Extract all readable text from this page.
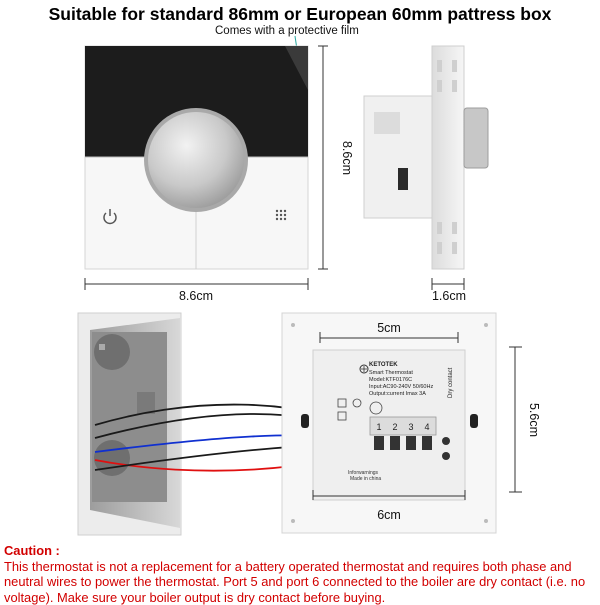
Suitable for standard 86mm or European 60mm pattress box
Comes with a protective film
8.6cm
8.6cm	1.6cm
KETOTEK
Smart Thermostat
Model:KTF0176C
Input:AC90-240V 50/60Hz
Output:current Imax 3A
1 2 3 4
Dry contact
Inforwarnings
Made in china
5cm
5.6cm
6cm
Caution :
This thermostat is not a replacement for a battery operated thermostat and requires both phase and neutral wires to power the thermostat. Port 5 and port 6 connected to the boiler are dry contact (i.e. no voltage). Make sure your boiler output is dry contact before buying.
